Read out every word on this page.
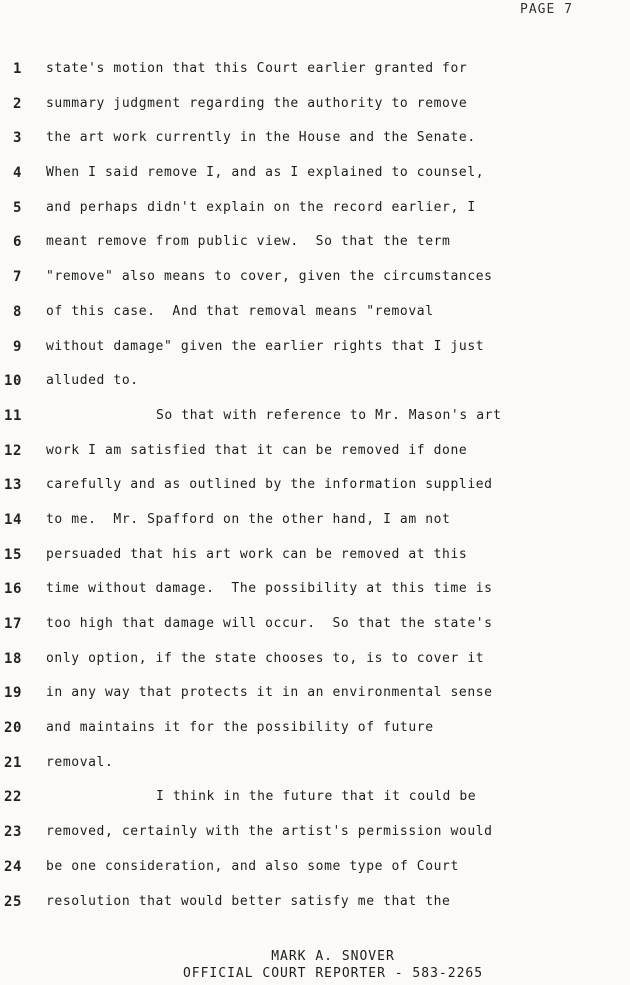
PAGE 7
1 state's motion that this Court earlier granted for
2 summary judgment regarding the authority to remove
3 the art work currently in the House and the Senate.
4 When I said remove I, and as I explained to counsel,
5 and perhaps didn't explain on the record earlier, I
6 meant remove from public view.  So that the term
7 "remove" also means to cover, given the circumstances
8 of this case.  And that removal means "removal
9 without damage" given the earlier rights that I just
10 alluded to.
11	So that with reference to Mr. Mason's art
12 work I am satisfied that it can be removed if done
13 carefully and as outlined by the information supplied
14 to me.  Mr. Spafford on the other hand, I am not
15 persuaded that his art work can be removed at this
16 time without damage.  The possibility at this time is
17 too high that damage will occur.  So that the state's
18 only option, if the state chooses to, is to cover it
19 in any way that protects it in an environmental sense
20 and maintains it for the possibility of future
21 removal.
22	I think in the future that it could be
23 removed, certainly with the artist's permission would
24 be one consideration, and also some type of Court
25 resolution that would better satisfy me that the
MARK A. SNOVER
OFFICIAL COURT REPORTER - 583-2265
